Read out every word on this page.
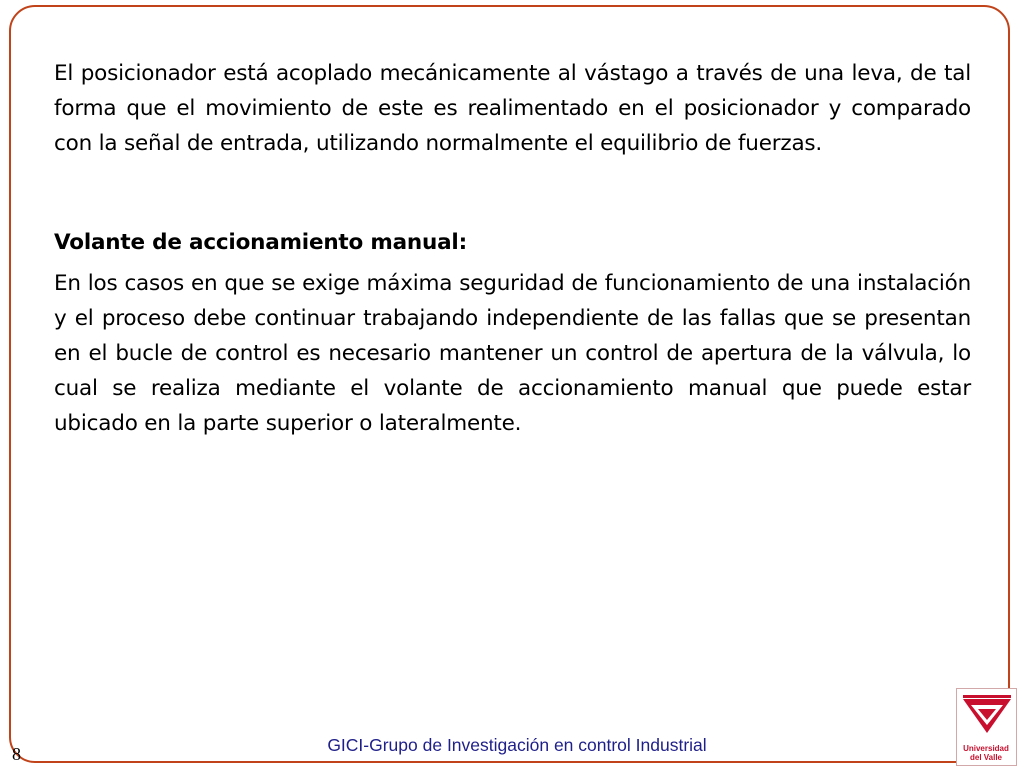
El posicionador está acoplado mecánicamente al vástago a través de una leva, de tal forma que el movimiento de este es realimentado en el posicionador y comparado con la señal de entrada, utilizando normalmente el equilibrio de fuerzas.

Volante de accionamiento manual:

En los casos en que se exige máxima seguridad de funcionamiento de una instalación y el proceso debe continuar trabajando independiente de las fallas que se presentan en el bucle de control es necesario mantener un control de apertura de la válvula, lo cual se realiza mediante el volante de accionamiento manual que puede estar ubicado en la parte superior o lateralmente.

8	GICI-Grupo de Investigación en control Industrial	Universidad
del Valle
